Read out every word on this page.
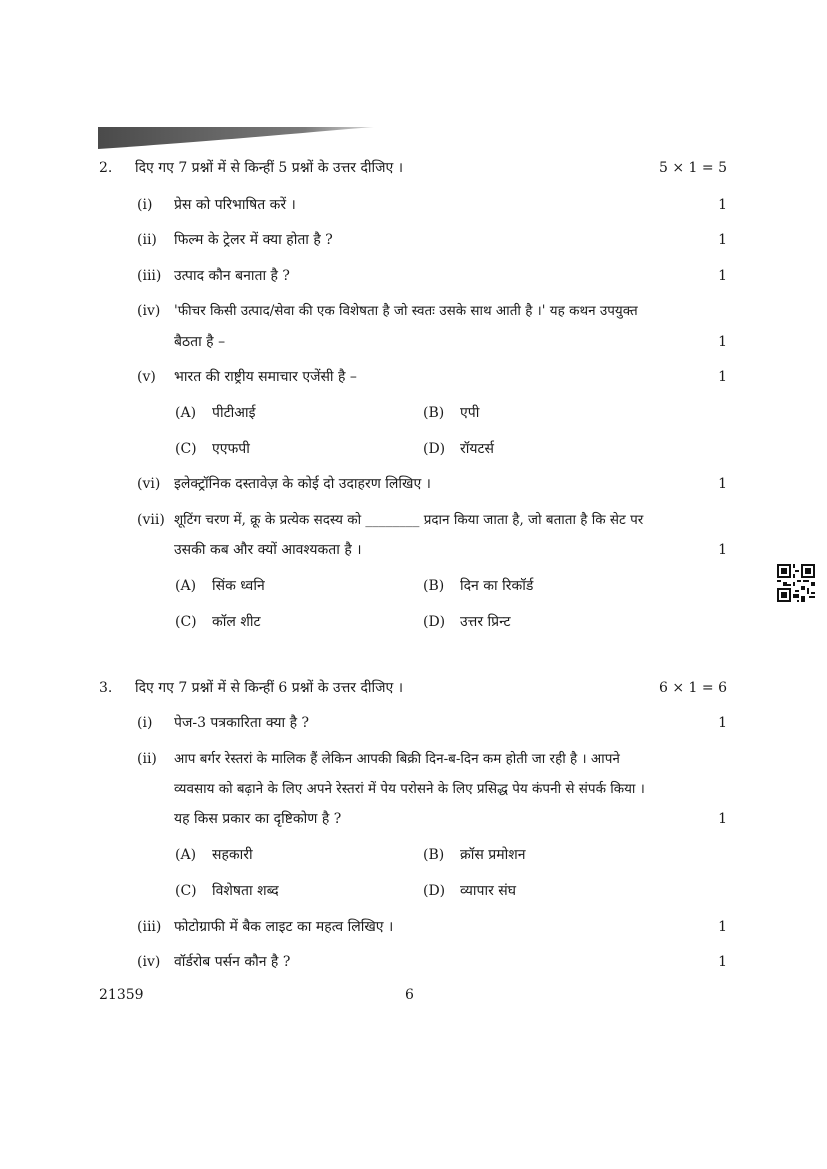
2. दिए गए 7 प्रश्नों में से किन्हीं 5 प्रश्नों के उत्तर दीजिए ।	5 × 1 = 5
(i) प्रेस को परिभाषित करें ।	1
(ii) फिल्म के ट्रेलर में क्या होता है ?	1
(iii) उत्पाद कौन बनाता है ?	1
(iv) 'फीचर किसी उत्पाद/सेवा की एक विशेषता है जो स्वतः उसके साथ आती है ।' यह कथन उपयुक्त
बैठता है –	1
(v) भारत की राष्ट्रीय समाचार एजेंसी है –	1
(A) पीटीआई	(B) एपी
(C) एएफपी	(D) रॉयटर्स
(vi) इलेक्ट्रॉनिक दस्तावेज़ के कोई दो उदाहरण लिखिए ।	1
(vii) शूटिंग चरण में, क्रू के प्रत्येक सदस्य को ________ प्रदान किया जाता है, जो बताता है कि सेट पर
उसकी कब और क्यों आवश्यकता है ।	1
(A) सिंक ध्वनि	(B) दिन का रिकॉर्ड
(C) कॉल शीट	(D) उत्तर प्रिन्ट
3. दिए गए 7 प्रश्नों में से किन्हीं 6 प्रश्नों के उत्तर दीजिए ।	6 × 1 = 6
(i) पेज-3 पत्रकारिता क्या है ?	1
(ii) आप बर्गर रेस्तरां के मालिक हैं लेकिन आपकी बिक्री दिन-ब-दिन कम होती जा रही है । आपने
व्यवसाय को बढ़ाने के लिए अपने रेस्तरां में पेय परोसने के लिए प्रसिद्ध पेय कंपनी से संपर्क किया ।
यह किस प्रकार का दृष्टिकोण है ?	1
(A) सहकारी	(B) क्रॉस प्रमोशन
(C) विशेषता शब्द	(D) व्यापार संघ
(iii) फोटोग्राफी में बैक लाइट का महत्व लिखिए ।	1
(iv) वॉर्डरोब पर्सन कौन है ?	1
21359	6
